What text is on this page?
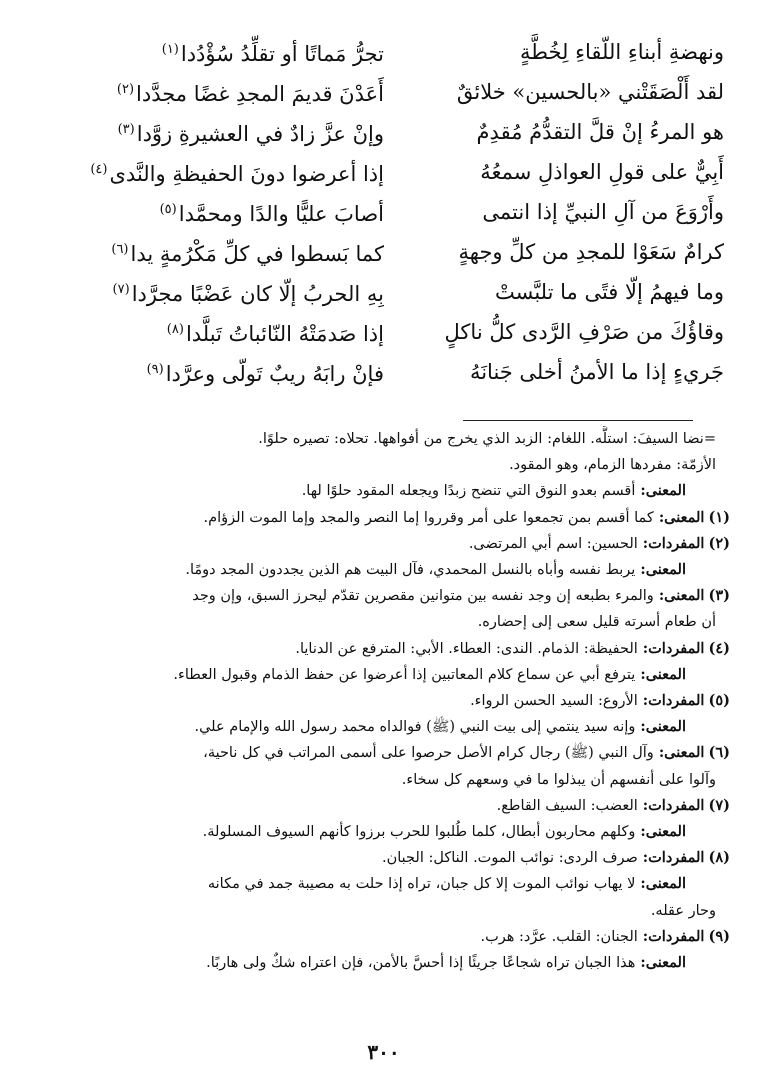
ونهضةِ أبناءِ اللّقاءِ لِخُطَّةٍ
تجرُّ مَماتًا أو تقلِّدُ سُؤْدُدا$^{(١)}$
لقد أَلْصَقَتْني «بالحسين» خلائقٌ
أَعَدْنَ قديمَ المجدِ غضًا مجدَّدا$^{(٢)}$
هو المرءُ إنْ قلَّ التقدُّمُ مُقدِمٌ
وإنْ عزَّ زادٌ في العشيرةِ زوَّدا$^{(٣)}$
أَبِيٌّ على قولِ العواذلِ سمعُهُ
إذا أعرضوا دونَ الحفيظةِ والنَّدى$^{(٤)}$
وأَرْوَعَ من آلِ النبيِّ إذا انتمى
أصابَ عليًّا والدًا ومحمَّدا$^{(٥)}$
كرامٌ سَعَوْا للمجدِ من كلِّ وجهةٍ
كما بَسطوا في كلِّ مَكْرُمةٍ يدا$^{(٦)}$
وما فيهمُ إلّا فتًى ما تلبَّستْ
بِهِ الحربُ إلّا كان عَضْبًا مجرَّدا$^{(٧)}$
وقاؤُكَ من صَرْفِ الرَّدى كلُّ ناكلٍ
إذا صَدمَتْهُ النّائباتُ تَبلَّدا$^{(٨)}$
جَريءٍ إذا ما الأمنُ أخلى جَنانَهُ
فإنْ رابَهُ ريبٌ تَولّى وعرَّدا$^{(٩)}$
=نضا السيفَ: استلَّه. اللغام: الزبد الذي يخرج من أفواهها. تحلاه: تصيره حلوًا.
الأزمّة: مفردها الزمام، وهو المقود.
المعنى:أقسم بعدو النوق التي تنضح زبدًا ويجعله المقود حلوًا لها.
(١)المعنى:كما أقسم بمن تجمعوا على أمر وقرروا إما النصر والمجد وإما الموت الزؤام.
(٢)المفردات:الحسين: اسم أبي المرتضى.
المعنى:يربط نفسه وأباه بالنسل المحمدي، فآل البيت هم الذين يجددون المجد دومًا.
(٣)المعنى:والمرء بطبعه إن وجد نفسه بين متوانين مقصرين تقدّم ليحرز السبق، وإن وجد
أن طعام أسرته قليل سعى إلى إحضاره.
(٤)المفردات:الحفيظة: الذمام. الندى: العطاء. الأبي: المترفع عن الدنايا.
المعنى:يترفع أبي عن سماع كلام المعاتبين إذا أعرضوا عن حفظ الذمام وقبول العطاء.
(٥)المفردات:الأروع: السيد الحسن الرواء.
المعنى:وإنه سيد ينتمي إلى بيت النبي (ﷺ) فوالداه محمد رسول الله والإمام علي.
(٦)المعنى:وآل النبي (ﷺ) رجال كرام الأصل حرصوا على أسمى المراتب في كل ناحية،
وآلوا على أنفسهم أن يبذلوا ما في وسعهم كل سخاء.
(٧)المفردات:العضب: السيف القاطع.
المعنى:وكلهم محاربون أبطال، كلما طُلبوا للحرب برزوا كأنهم السيوف المسلولة.
(٨)المفردات:صرف الردى: نوائب الموت. الناكل: الجبان.
المعنى:لا يهاب نوائب الموت إلا كل جبان، تراه إذا حلت به مصيبة جمد في مكانه
وحار عقله.
(٩)المفردات:الجنان: القلب. عرَّد: هرب.
المعنى:هذا الجبان تراه شجاعًا جريئًا إذا أحسَّ بالأمن، فإن اعتراه شكٌ ولى هاربًا.
٣٠٠
